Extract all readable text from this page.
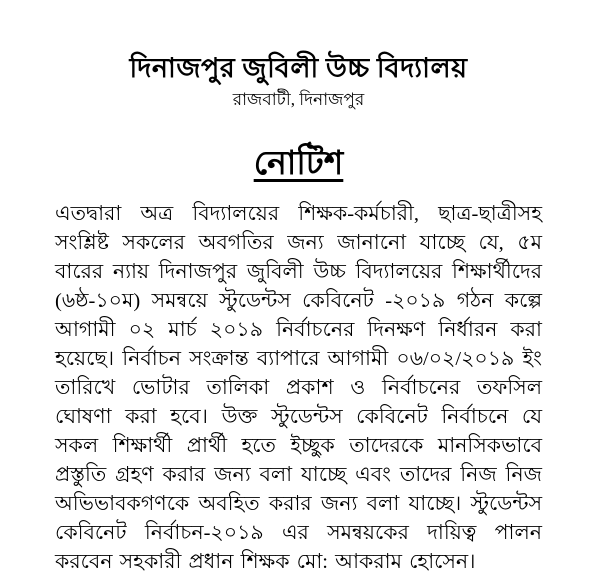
দিনাজপুর জুবিলী উচ্চ বিদ্যালয়
রাজবাটী, দিনাজপুর
নোটিশ

এতদ্বারা অত্র বিদ্যালয়ের শিক্ষক-কর্মচারী, ছাত্র-ছাত্রীসহ সংশ্লিষ্ট সকলের অবগতির জন্য জানানো যাচ্ছে যে, ৫ম বারের ন্যায় দিনাজপুর জুবিলী উচ্চ বিদ্যালয়ের শিক্ষার্থীদের (৬ষ্ঠ-১০ম) সমন্বয়ে স্টুডেন্টস কেবিনেট -২০১৯ গঠন কল্পে আগামী ০২ মার্চ ২০১৯ নির্বাচনের দিনক্ষণ নির্ধারন করা হয়েছে। নির্বাচন সংক্রান্ত ব্যাপারে আগামী ০৬/০২/২০১৯ ইং তারিখে ভোটার তালিকা প্রকাশ ও নির্বাচনের তফসিল ঘোষণা করা হবে। উক্ত স্টুডেন্টস কেবিনেট নির্বাচনে যে সকল শিক্ষার্থী প্রার্থী হতে ইচ্ছুক তাদেরকে মানসিকভাবে প্রস্তুতি গ্রহণ করার জন্য বলা যাচ্ছে এবং তাদের নিজ নিজ অভিভাবকগণকে অবহিত করার জন্য বলা যাচ্ছে। স্টুডেন্টস কেবিনেট নির্বাচন-২০১৯ এর সমন্বয়কের দায়িত্ব পালন করবেন সহকারী প্রধান শিক্ষক মো: আকরাম হোসেন।
